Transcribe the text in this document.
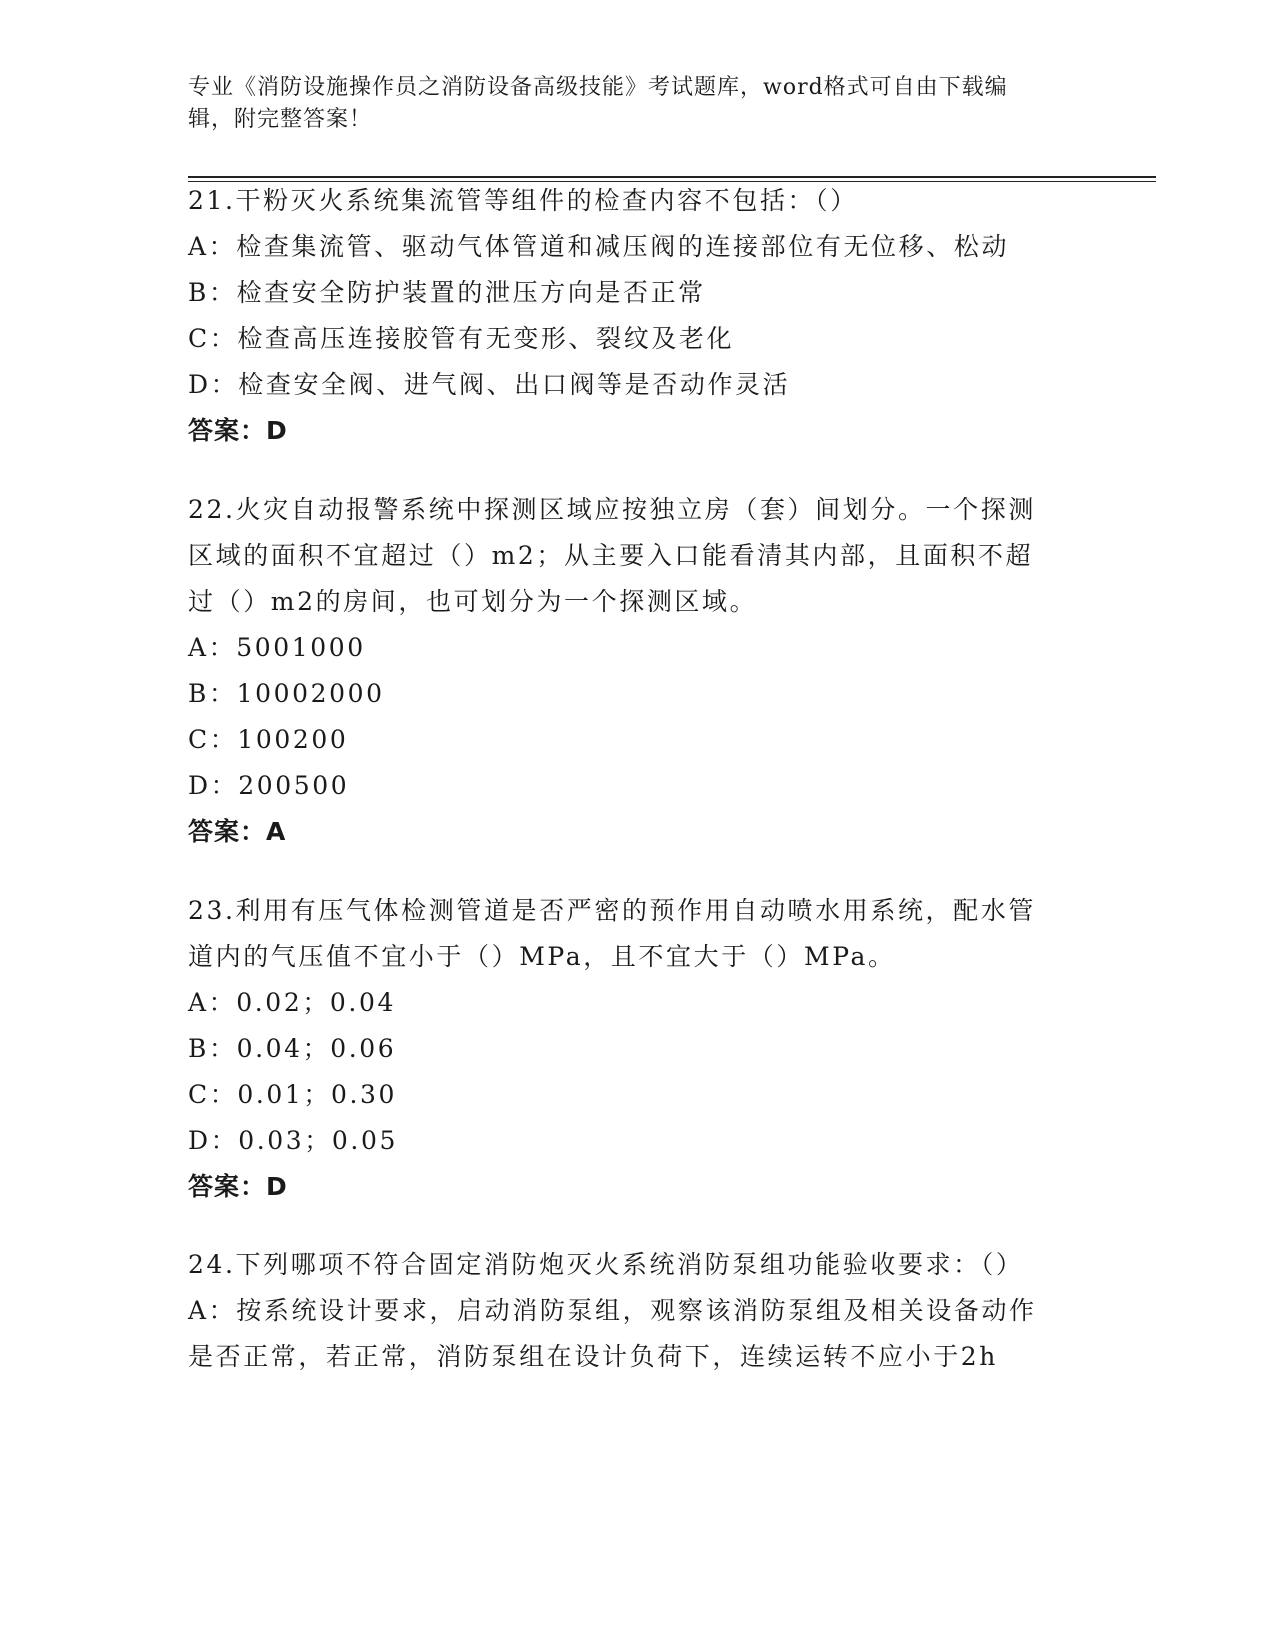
专业《消防设施操作员之消防设备高级技能》考试题库，word格式可自由下载编
辑，附完整答案！
21.干粉灭火系统集流管等组件的检查内容不包括：（）
A：检查集流管、驱动气体管道和减压阀的连接部位有无位移、松动
B：检查安全防护装置的泄压方向是否正常
C：检查高压连接胶管有无变形、裂纹及老化
D：检查安全阀、进气阀、出口阀等是否动作灵活
答案：D
22.火灾自动报警系统中探测区域应按独立房（套）间划分。一个探测
区域的面积不宜超过（）m2；从主要入口能看清其内部，且面积不超
过（）m2的房间，也可划分为一个探测区域。
A：5001000
B：10002000
C：100200
D：200500
答案：A
23.利用有压气体检测管道是否严密的预作用自动喷水用系统，配水管
道内的气压值不宜小于（）MPa，且不宜大于（）MPa。
A：0.02；0.04
B：0.04；0.06
C：0.01；0.30
D：0.03；0.05
答案：D
24.下列哪项不符合固定消防炮灭火系统消防泵组功能验收要求：（）
A：按系统设计要求，启动消防泵组，观察该消防泵组及相关设备动作
是否正常，若正常，消防泵组在设计负荷下，连续运转不应小于2h
